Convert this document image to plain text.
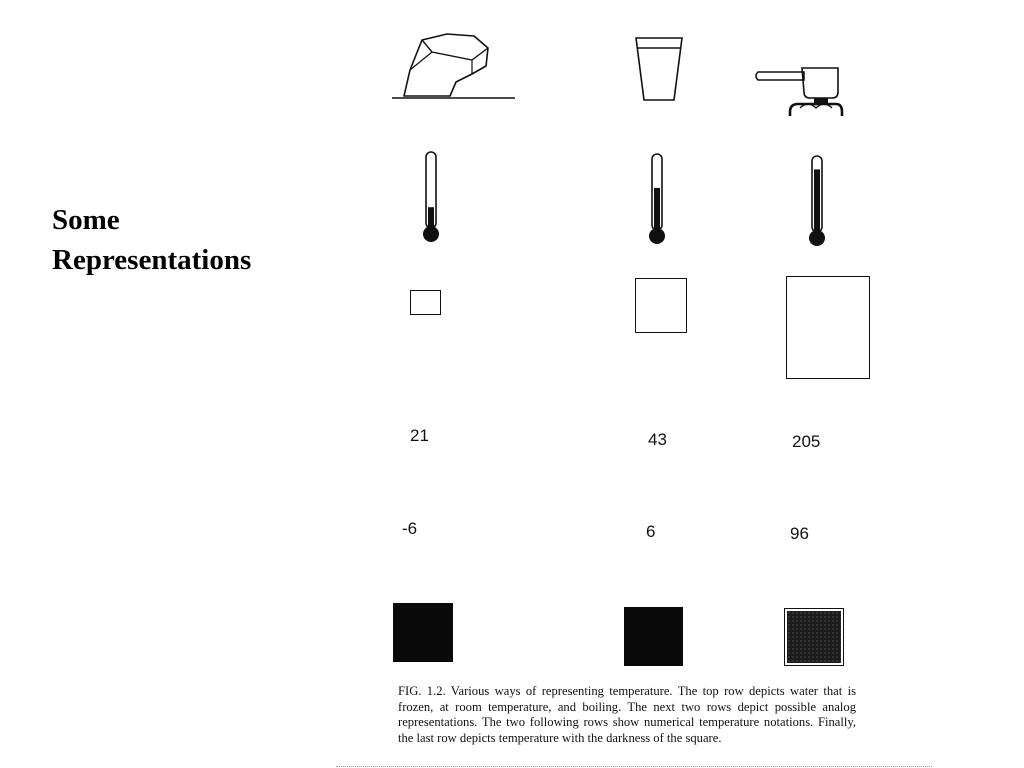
Some
Representations
21	43	205
-6	6	96
FIG. 1.2. Various ways of representing temperature. The top row depicts water that is frozen, at room temperature, and boiling. The next two rows depict possible analog representations. The two following rows show numerical temperature notations. Finally, the last row depicts temperature with the darkness of the square.
